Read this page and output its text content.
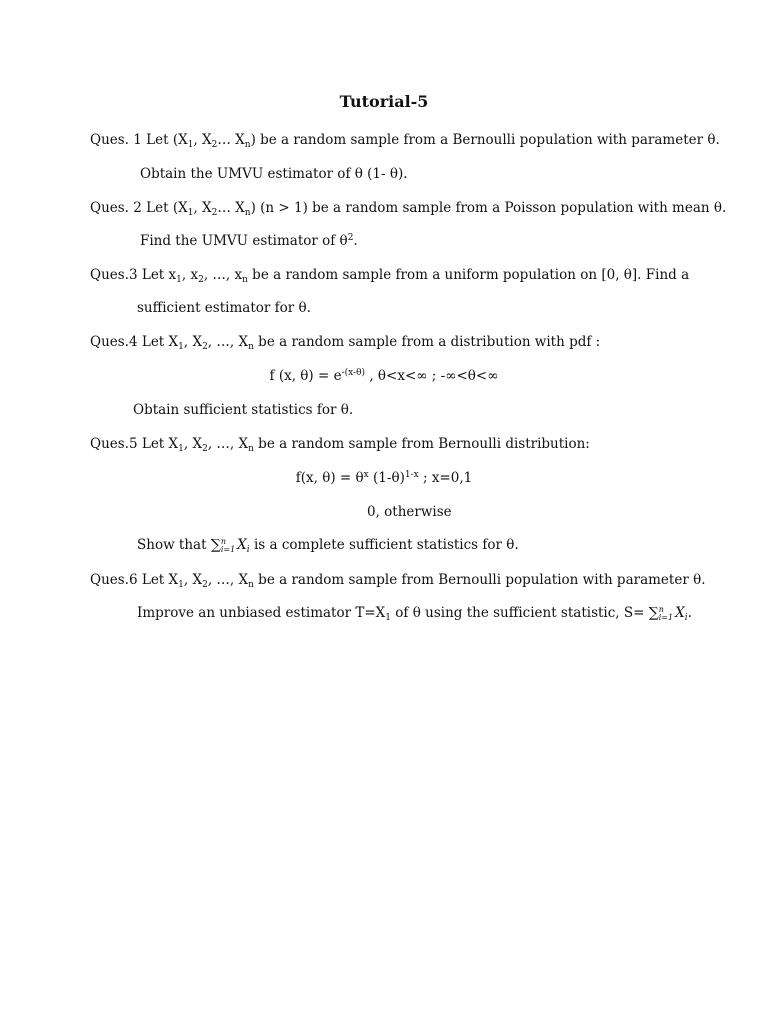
Tutorial-5
Ques. 1 Let ($X_1$, $X_2\dots$ $X_n$) be a random sample from a Bernoulli population with parameter θ.
Obtain the UMVU estimator of θ (1- θ).
Ques. 2 Let ($X_1$, $X_2\dots$ $X_n$) (n > 1) be a random sample from a Poisson population with mean θ.
Find the UMVU estimator of $\theta^2$.
Ques.3 Let $x_1$, $x_2$, …, $x_n$ be a random sample from a uniform population on [0, θ]. Find a
sufficient estimator for θ.
Ques.4 Let $X_1$, $X_2$, …, $X_n$ be a random sample from a distribution with pdf :
f (x, $\theta) = e^{-(x-\theta)}$ , θ<x<∞ ; -∞<θ<∞
Obtain sufficient statistics for θ.
Ques.5 Let $X_1$, $X_2$, …, $X_n$ be a random sample from Bernoulli distribution:
f(x, $\theta) = \theta^x$ $(1-\theta)^{1-x}$ ; x=0,1
0, otherwise
Show that ∑ n
i=1 $X_i$ is a complete sufficient statistics for θ.
Ques.6 Let $X_1$, $X_2$, …, $X_n$ be a random sample from Bernoulli population with parameter θ.
Improve an unbiased estimator $T=X_1$ of θ using the sufficient statistic, S= ∑ n
i=1 $X_i$.
